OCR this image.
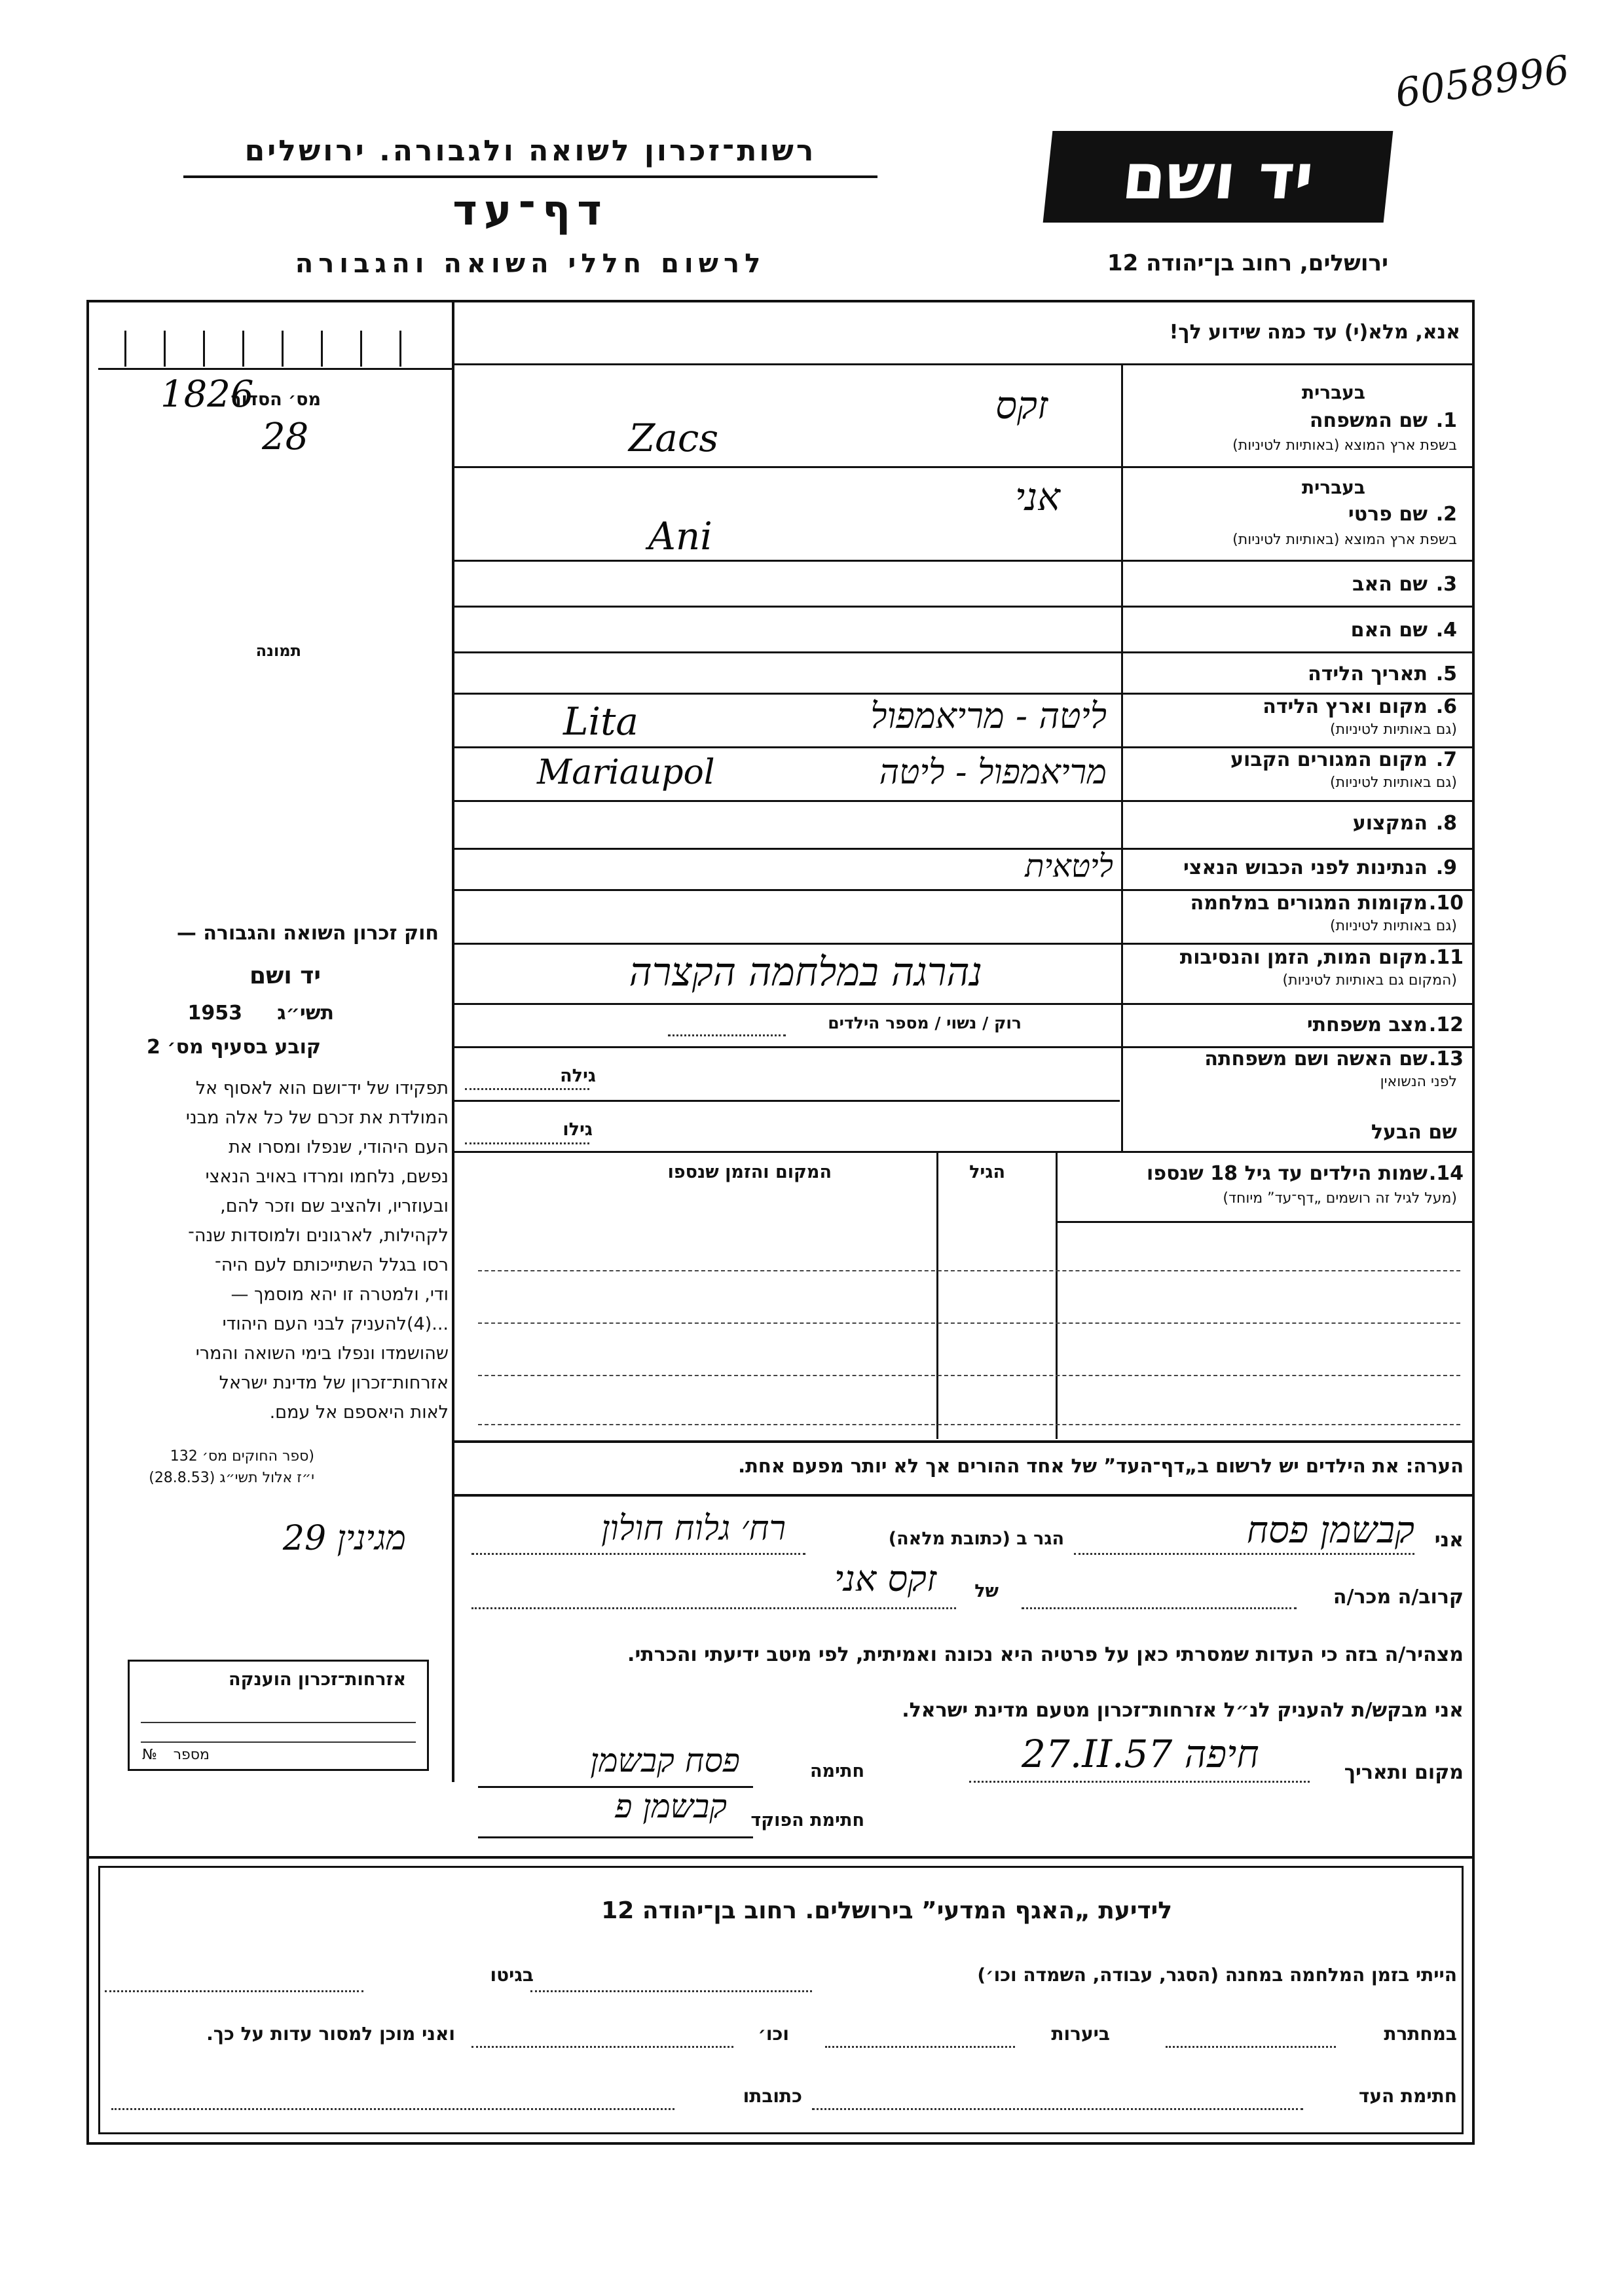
6058996
רשות־זכרון לשואה ולגבורה. ירושלים
דף־עד
לרשום חללי השואה והגבורה
יד ושם
ירושלים, רחוב בן־יהודה 12
אנא, מלא(י) עד כמה שידוע לך!
מס׳ הסדור
1826
28
תמונה
בעברית
1.
שם המשפחה
בשפת ארץ המוצא (באותיות לטיניות)
זקס
Zacs
בעברית
2.
שם פרטי
בשפת ארץ המוצא (באותיות לטיניות)
אני
Ani
3.
שם האב
4.
שם האם
5.
תאריך הלידה
6.
מקום וארץ הלידה
(גם באותיות לטיניות)
ליטה - מריאמפול
Lita
7.
מקום המגורים הקבוע
(גם באותיות לטיניות)
מריאמפול - ליטה
Mariaupol
8.
המקצוע
9.
הנתינות לפני הכבוש הנאצי
ליטאית
10.
מקומות המגורים במלחמה
(גם באותיות לטיניות)
11.
מקום המות, הזמן והנסיבות
(המקום גם באותיות לטיניות)
נהרגה במלחמה הקצרה
12.
מצב משפחתי
רוק / נשוי / מספר הילדים
13.
שם האשה ושם משפחתה
לפני הנשואין
גילה
שם הבעל
גילו
14.
שמות הילדים עד גיל 18 שנספו
(מעל לגיל זה רושמים „דף־עד” מיוחד)
הגיל
המקום והזמן שנספו
הערה: את הילדים יש לרשום ב„דף־העד” של אחד ההורים אך לא יותר מפעם אחת.
חוק זכרון השואה והגבורה —
יד ושם
תשי״ג
1953
קובע בסעיף מס׳ 2
תפקידו של יד־ושם הוא לאסוף אל
המולדת את זכרם של כל אלה מבני
העם היהודי, שנפלו ומסרו את
נפשם, נלחמו ומרדו באויב הנאצי
ובעוזריו, ולהציב שם וזכר להם,
לקהילות, לארגונים ולמוסדות שנה־
רסו בגלל השתייכותם לעם היה־
ודי, ולמטרה זו יהא מוסמך —
...(4)להעניק לבני העם היהודי
שהושמדו ונפלו בימי השואה והמרי
אזרחות־זכרון של מדינת ישראל
לאות היאספם אל עמם.
(ספר החוקים מס׳ 132
י״ז אלול תשי״ג (28.8.53)
מגינין 29
אזרחות־זכרון הוענקה
מספר
№
אני
קבשמן פסח
הגר ב (כתובת מלאה)
רח׳ גלוח חולון
קרוב/ה מכר/ה
של
זקס אני
מצהיר/ה בזה כי העדות שמסרתי כאן על פרטיה היא נכונה ואמיתית, לפי מיטב ידיעתי והכרתי.
אני מבקש/ת להעניק לנ״ל אזרחות־זכרון מטעם מדינת ישראל.
מקום ותאריך
27.II.57 חיפה
חתימה
פסח קבשמן
חתימת הפוקד
קבשמן פ
לידיעת „האגף המדעי” בירושלים. רחוב בן־יהודה 12
הייתי בזמן המלחמה במחנה (הסגר, עבודה, השמדה וכו׳)
בגיטו
במחתרת
ביערות
וכו׳
ואני מוכן למסור עדות על כך.
חתימת העד
כתובתו
